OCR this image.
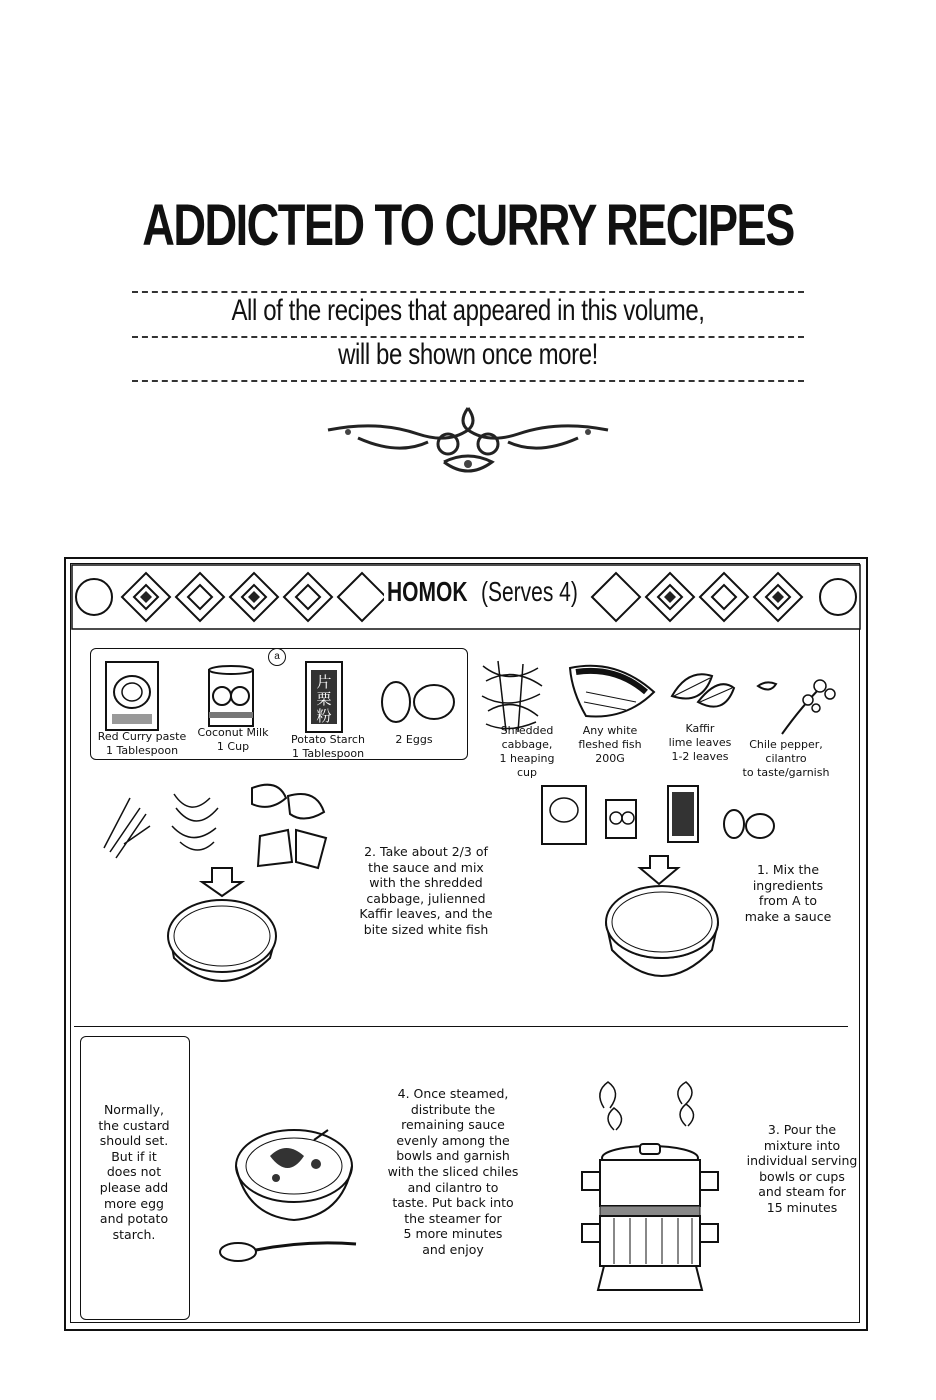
ADDICTED TO CURRY RECIPES
All of the recipes that appeared in this volume,
will be shown once more!
HOMOK (Serves 4)
a
片栗粉
Red Curry paste
1 Tablespoon
Coconut Milk
1 Cup
Potato Starch
1 Tablespoon
2 Eggs
Shredded
cabbage,
1 heaping cup
Any white
fleshed fish
200G
Kaffir
lime leaves
1-2 leaves
Chile pepper, cilantro
to taste/garnish
2. Take about 2/3 of
the sauce and mix
with the shredded
cabbage, julienned
Kaffir leaves, and the
bite sized white fish
1. Mix the
ingredients
from A to
make a sauce
Normally,
the custard
should set.
But if it
does not
please add
more egg
and potato
starch.
4. Once steamed,
distribute the
remaining sauce
evenly among the
bowls and garnish
with the sliced chiles
and cilantro to
taste. Put back into
the steamer for
5 more minutes
and enjoy
3. Pour the
mixture into
individual serving
bowls or cups
and steam for
15 minutes
